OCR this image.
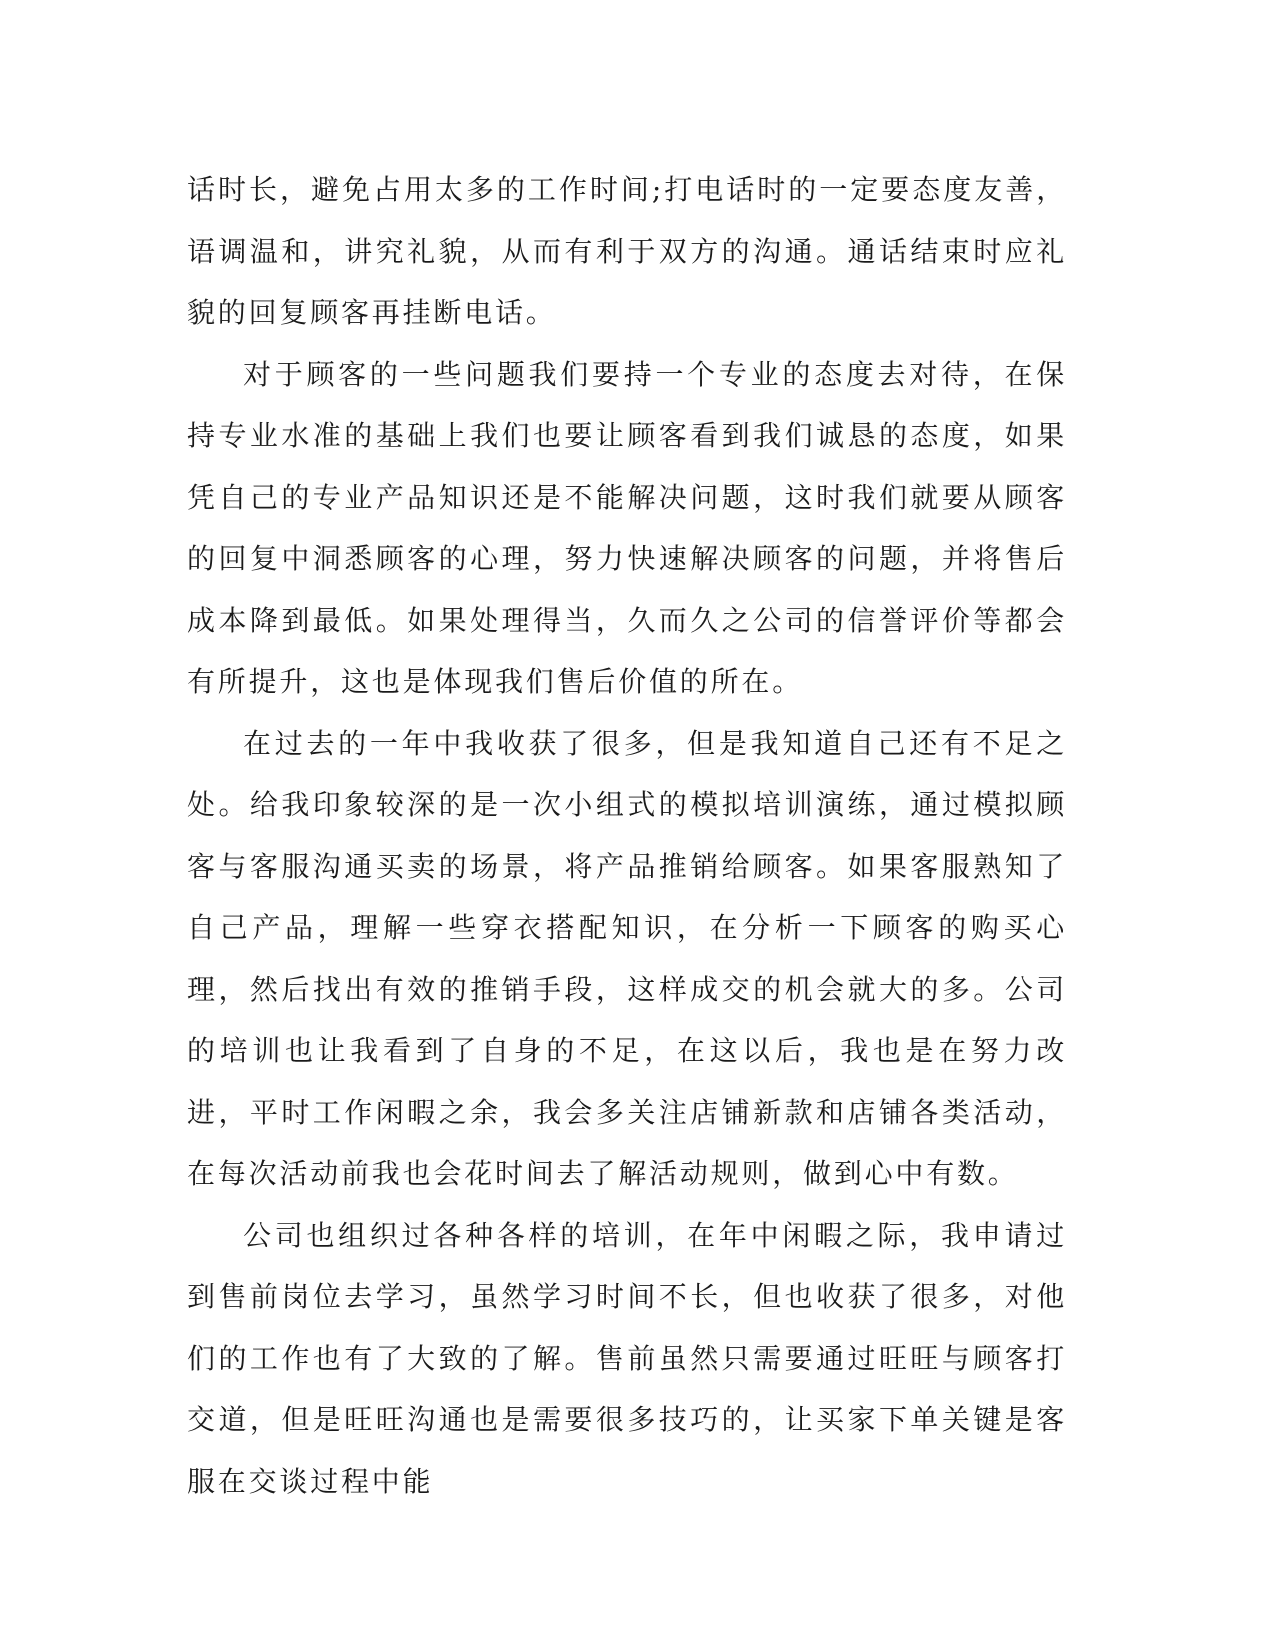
话时长，避免占用太多的工作时间;打电话时的一定要态度友善，语调温和，讲究礼貌，从而有利于双方的沟通。通话结束时应礼貌的回复顾客再挂断电话。

对于顾客的一些问题我们要持一个专业的态度去对待，在保持专业水准的基础上我们也要让顾客看到我们诚恳的态度，如果凭自己的专业产品知识还是不能解决问题，这时我们就要从顾客的回复中洞悉顾客的心理，努力快速解决顾客的问题，并将售后成本降到最低。如果处理得当，久而久之公司的信誉评价等都会有所提升，这也是体现我们售后价值的所在。

在过去的一年中我收获了很多，但是我知道自己还有不足之处。给我印象较深的是一次小组式的模拟培训演练，通过模拟顾客与客服沟通买卖的场景，将产品推销给顾客。如果客服熟知了自己产品，理解一些穿衣搭配知识，在分析一下顾客的购买心理，然后找出有效的推销手段，这样成交的机会就大的多。公司的培训也让我看到了自身的不足，在这以后，我也是在努力改进，平时工作闲暇之余，我会多关注店铺新款和店铺各类活动，在每次活动前我也会花时间去了解活动规则，做到心中有数。

公司也组织过各种各样的培训，在年中闲暇之际，我申请过到售前岗位去学习，虽然学习时间不长，但也收获了很多，对他们的工作也有了大致的了解。售前虽然只需要通过旺旺与顾客打交道，但是旺旺沟通也是需要很多技巧的，让买家下单关键是客服在交谈过程中能
